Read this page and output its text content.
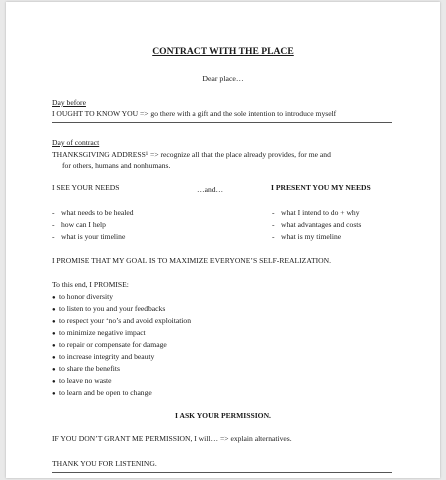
CONTRACT WITH THE PLACE
Dear place…
Day before
I OUGHT TO KNOW YOU => go there with a gift and the sole intention to introduce myself
Day of contract
THANKSGIVING ADDRESS¹ => recognize all that the place already provides, for me and
for others, humans and nonhumans.
I SEE YOUR NEEDS	…and…	I PRESENT YOU MY NEEDS
- what needs to be healed
- how can I help
- what is your timeline
- what I intend to do + why
- what advantages and costs
- what is my timeline
I PROMISE THAT MY GOAL IS TO MAXIMIZE EVERYONE’S SELF-REALIZATION.
To this end, I PROMISE:
● to honor diversity
● to listen to you and your feedbacks
● to respect your ‘no’s and avoid exploitation
● to minimize negative impact
● to repair or compensate for damage
● to increase integrity and beauty
● to share the benefits
● to leave no waste
● to learn and be open to change
I ASK YOUR PERMISSION.
IF YOU DON’T GRANT ME PERMISSION, I will… => explain alternatives.
THANK YOU FOR LISTENING.
